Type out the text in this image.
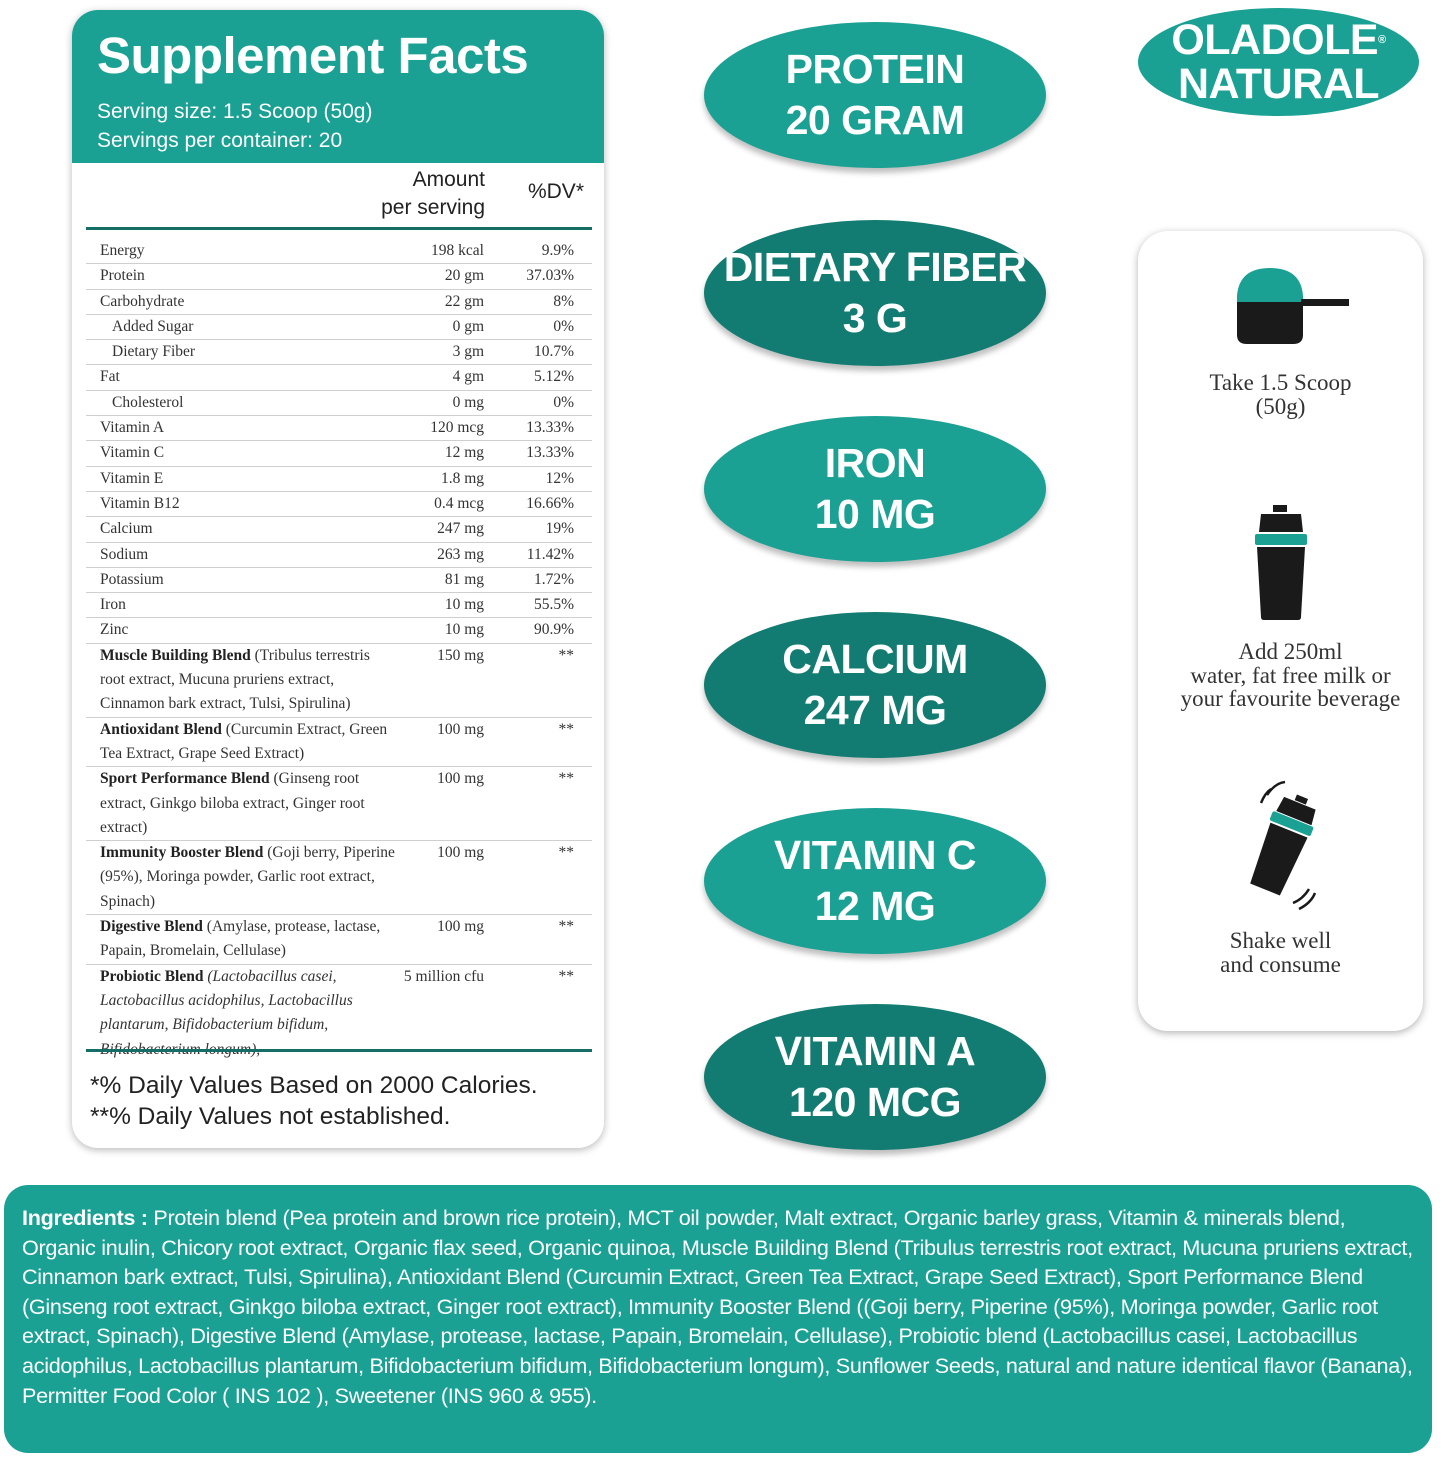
Supplement Facts
Serving size: 1.5 Scoop (50g)
Servings per container: 20
Amount
per serving
%DV*
Energy	198 kcal	9.9%
Protein	20 gm	37.03%
Carbohydrate	22 gm	8%
Added Sugar	0 gm	0%
Dietary Fiber	3 gm	10.7%
Fat	4 gm	5.12%
Cholesterol	0 mg	0%
Vitamin A	120 mcg	13.33%
Vitamin C	12 mg	13.33%
Vitamin E	1.8 mg	12%
Vitamin B12	0.4 mcg	16.66%
Calcium	247 mg	19%
Sodium	263 mg	11.42%
Potassium	81 mg	1.72%
Iron	10 mg	55.5%
Zinc	10 mg	90.9%
Muscle Building Blend (Tribulus terrestris root extract, Mucuna pruriens extract, Cinnamon bark extract, Tulsi, Spirulina)
150 mg	**
Antioxidant Blend (Curcumin Extract, Green Tea Extract, Grape Seed Extract)
100 mg	**
Sport Performance Blend (Ginseng root extract, Ginkgo biloba extract, Ginger root extract)
100 mg	**
Immunity Booster Blend (Goji berry, Piperine (95%), Moringa powder, Garlic root extract, Spinach)
100 mg	**
Digestive Blend (Amylase, protease, lactase, Papain, Bromelain, Cellulase)
100 mg	**
Probiotic Blend (Lactobacillus casei, Lactobacillus acidophilus, Lactobacillus plantarum, Bifidobacterium bifidum, Bifidobacterium longum),
5 million cfu	**
*% Daily Values Based on 2000 Calories.
**% Daily Values not established.
PROTEIN
20 GRAM
DIETARY FIBER
3 G
IRON
10 MG
CALCIUM
247 MG
VITAMIN C
12 MG
VITAMIN A
120 MCG
OLADOLE®
NATURAL
Take 1.5 Scoop
(50g)
Add 250ml
water, fat free milk or
your favourite beverage
Shake well
and consume
Ingredients : Protein blend (Pea protein and brown rice protein), MCT oil powder, Malt extract, Organic barley grass, Vitamin & minerals blend, Organic inulin, Chicory root extract, Organic flax seed, Organic quinoa, Muscle Building Blend (Tribulus terrestris root extract, Mucuna pruriens extract, Cinnamon bark extract, Tulsi, Spirulina), Antioxidant Blend (Curcumin Extract, Green Tea Extract, Grape Seed Extract), Sport Performance Blend (Ginseng root extract, Ginkgo biloba extract, Ginger root extract), Immunity Booster Blend ((Goji berry, Piperine (95%), Moringa powder, Garlic root extract, Spinach), Digestive Blend (Amylase, protease, lactase, Papain, Bromelain, Cellulase), Probiotic blend (Lactobacillus casei, Lactobacillus acidophilus, Lactobacillus plantarum, Bifidobacterium bifidum, Bifidobacterium longum), Sunflower Seeds, natural and nature identical flavor (Banana), Permitter Food Color ( INS 102 ), Sweetener (INS 960 & 955).
